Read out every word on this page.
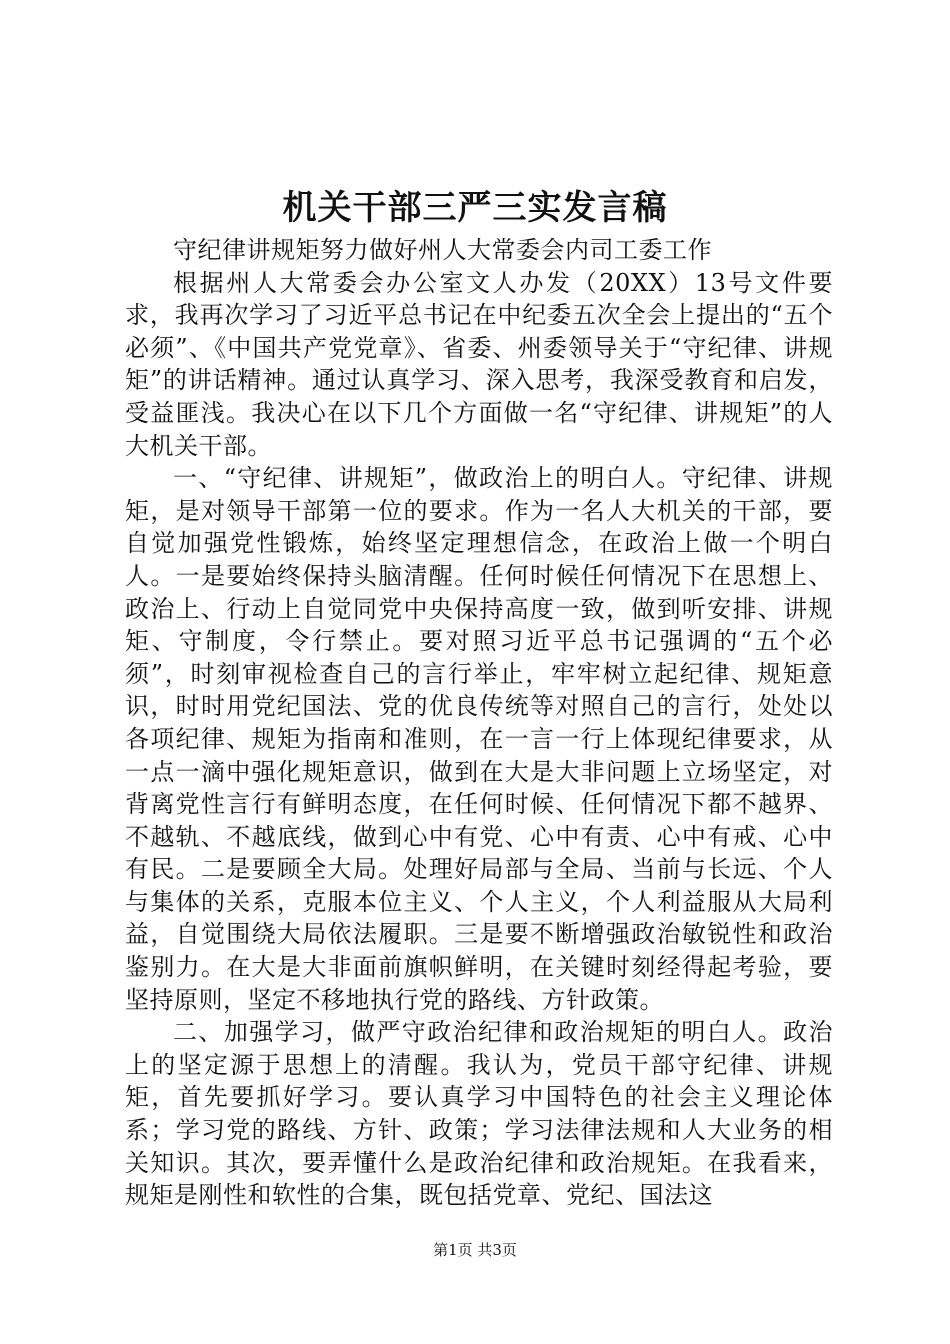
机关干部三严三实发言稿

守纪律讲规矩努力做好州人大常委会内司工委工作

根据州人大常委会办公室文人办发（20XX）13号文件要求，我再次学习了习近平总书记在中纪委五次全会上提出的“五个必须”、《中国共产党党章》、省委、州委领导关于“守纪律、讲规矩”的讲话精神。通过认真学习、深入思考，我深受教育和启发，受益匪浅。我决心在以下几个方面做一名“守纪律、讲规矩”的人大机关干部。

一、“守纪律、讲规矩”，做政治上的明白人。守纪律、讲规矩，是对领导干部第一位的要求。作为一名人大机关的干部，要自觉加强党性锻炼，始终坚定理想信念，在政治上做一个明白人。一是要始终保持头脑清醒。任何时候任何情况下在思想上、政治上、行动上自觉同党中央保持高度一致，做到听安排、讲规矩、守制度，令行禁止。要对照习近平总书记强调的“五个必须”，时刻审视检查自己的言行举止，牢牢树立起纪律、规矩意识，时时用党纪国法、党的优良传统等对照自己的言行，处处以各项纪律、规矩为指南和准则，在一言一行上体现纪律要求，从一点一滴中强化规矩意识，做到在大是大非问题上立场坚定，对背离党性言行有鲜明态度，在任何时候、任何情况下都不越界、不越轨、不越底线，做到心中有党、心中有责、心中有戒、心中有民。二是要顾全大局。处理好局部与全局、当前与长远、个人与集体的关系，克服本位主义、个人主义，个人利益服从大局利益，自觉围绕大局依法履职。三是要不断增强政治敏锐性和政治鉴别力。在大是大非面前旗帜鲜明，在关键时刻经得起考验，要坚持原则，坚定不移地执行党的路线、方针政策。

二、加强学习，做严守政治纪律和政治规矩的明白人。政治上的坚定源于思想上的清醒。我认为，党员干部守纪律、讲规矩，首先要抓好学习。要认真学习中国特色的社会主义理论体系；学习党的路线、方针、政策；学习法律法规和人大业务的相关知识。其次，要弄懂什么是政治纪律和政治规矩。在我看来，规矩是刚性和软性的合集，既包括党章、党纪、国法这

第1页 共3页
